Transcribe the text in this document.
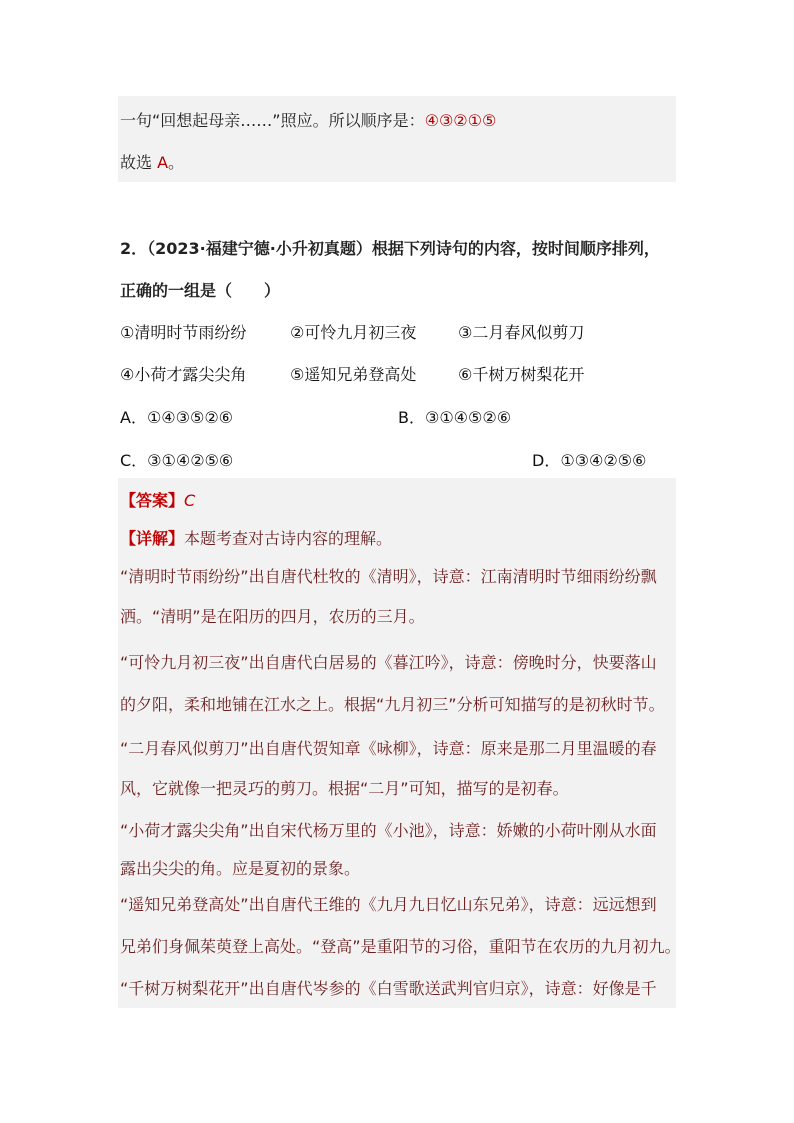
一句“回想起母亲……”照应。所以顺序是：④③②①⑤
故选 A。
2．（2023·福建宁德·小升初真题）根据下列诗句的内容，按时间顺序排列，
正确的一组是（　　）
①清明时节雨纷纷	②可怜九月初三夜	③二月春风似剪刀
④小荷才露尖尖角	⑤遥知兄弟登高处	⑥千树万树梨花开
A．①④③⑤②⑥	B．③①④⑤②⑥
C．③①④②⑤⑥	D．①③④②⑤⑥
【答案】C
【详解】本题考查对古诗内容的理解。
“清明时节雨纷纷”出自唐代杜牧的《清明》，诗意：江南清明时节细雨纷纷飘
洒。“清明”是在阳历的四月，农历的三月。
“可怜九月初三夜”出自唐代白居易的《暮江吟》，诗意：傍晚时分，快要落山
的夕阳，柔和地铺在江水之上。根据“九月初三”分析可知描写的是初秋时节。
“二月春风似剪刀”出自唐代贺知章《咏柳》，诗意：原来是那二月里温暖的春
风，它就像一把灵巧的剪刀。根据“二月”可知，描写的是初春。
“小荷才露尖尖角”出自宋代杨万里的《小池》，诗意：娇嫩的小荷叶刚从水面
露出尖尖的角。应是夏初的景象。
“遥知兄弟登高处”出自唐代王维的《九月九日忆山东兄弟》，诗意：远远想到
兄弟们身佩茱萸登上高处。“登高”是重阳节的习俗，重阳节在农历的九月初九。
“千树万树梨花开”出自唐代岑参的《白雪歌送武判官归京》，诗意：好像是千
